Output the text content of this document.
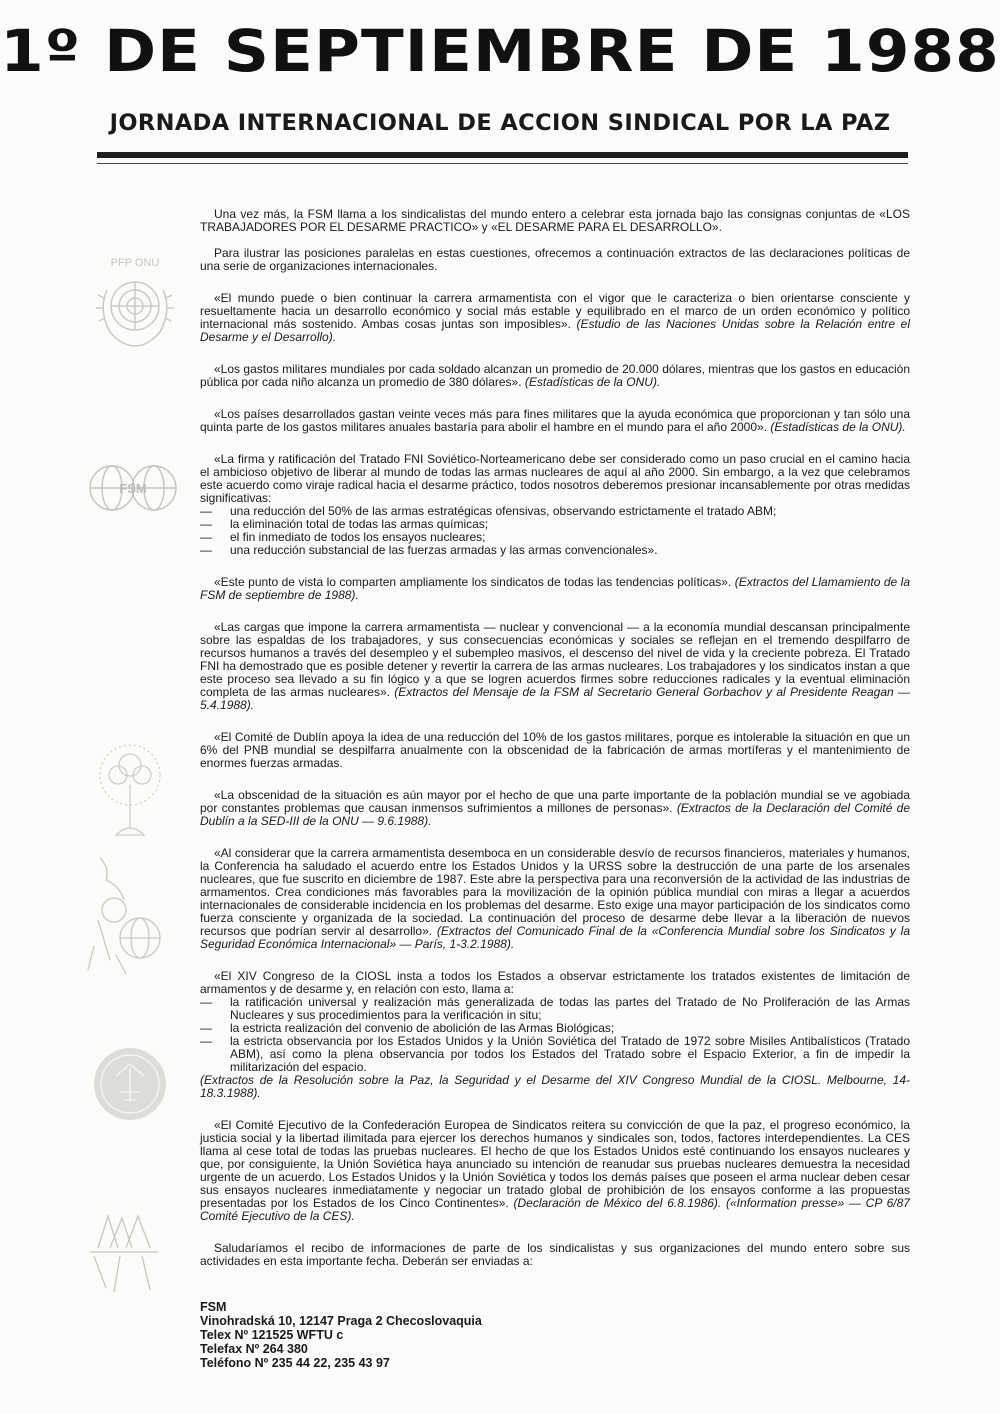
1º DE SEPTIEMBRE DE 1988
JORNADA INTERNACIONAL DE ACCION SINDICAL POR LA PAZ
PFP ONU
FSM

Una vez más, la FSM llama a los sindicalistas del mundo entero a celebrar esta jornada bajo las consignas conjuntas de «LOS TRABAJADORES POR EL DESARME PRACTICO» y «EL DESARME PARA EL DESARROLLO».

Para ilustrar las posiciones paralelas en estas cuestiones, ofrecemos a continuación extractos de las declaraciones políticas de una serie de organizaciones internacionales.

«El mundo puede o bien continuar la carrera armamentista con el vigor que le caracteriza o bien orientarse consciente y resueltamente hacia un desarrollo económico y social más estable y equilibrado en el marco de un orden económico y político internacional más sostenido. Ambas cosas juntas son imposibles». (Estudio de las Naciones Unidas sobre la Relación entre el Desarme y el Desarrollo).

«Los gastos militares mundiales por cada soldado alcanzan un promedio de 20.000 dólares, mientras que los gastos en educación pública por cada niño alcanza un promedio de 380 dólares». (Estadísticas de la ONU).

«Los países desarrollados gastan veinte veces más para fines militares que la ayuda económica que proporcionan y tan sólo una quinta parte de los gastos militares anuales bastaría para abolir el hambre en el mundo para el año 2000». (Estadísticas de la ONU).

«La firma y ratificación del Tratado FNI Soviético-Norteamericano debe ser considerado como un paso crucial en el camino hacia el ambicioso objetivo de liberar al mundo de todas las armas nucleares de aquí al año 2000. Sin embargo, a la vez que celebramos este acuerdo como viraje radical hacia el desarme práctico, todos nosotros deberemos presionar incansablemente por otras medidas significativas:

— una reducción del 50% de las armas estratégicas ofensivas, observando estrictamente el tratado ABM;
— la eliminación total de todas las armas químicas;
— el fin inmediato de todos los ensayos nucleares;
— una reducción substancial de las fuerzas armadas y las armas convencionales».

«Este punto de vista lo comparten ampliamente los sindicatos de todas las tendencias políticas». (Extractos del Llamamiento de la FSM de septiembre de 1988).

«Las cargas que impone la carrera armamentista — nuclear y convencional — a la economía mundial descansan principalmente sobre las espaldas de los trabajadores, y sus consecuencias económicas y sociales se reflejan en el tremendo despilfarro de recursos humanos a través del desempleo y el subempleo masivos, el descenso del nivel de vida y la creciente pobreza. El Tratado FNI ha demostrado que es posible detener y revertir la carrera de las armas nucleares. Los trabajadores y los sindicatos instan a que este proceso sea llevado a su fin lógico y a que se logren acuerdos firmes sobre reducciones radicales y la eventual eliminación completa de las armas nucleares». (Extractos del Mensaje de la FSM al Secretario General Gorbachov y al Presidente Reagan — 5.4.1988).

«El Comité de Dublín apoya la idea de una reducción del 10% de los gastos militares, porque es intolerable la situación en que un 6% del PNB mundial se despilfarra anualmente con la obscenidad de la fabricación de armas mortíferas y el mantenimiento de enormes fuerzas armadas.

«La obscenidad de la situación es aún mayor por el hecho de que una parte importante de la población mundial se ve agobiada por constantes problemas que causan inmensos sufrimientos a millones de personas». (Extractos de la Declaración del Comité de Dublín a la SED-III de la ONU — 9.6.1988).

«Al considerar que la carrera armamentista desemboca en un considerable desvío de recursos financieros, materiales y humanos, la Conferencia ha saludado el acuerdo entre los Estados Unidos y la URSS sobre la destrucción de una parte de los arsenales nucleares, que fue suscrito en diciembre de 1987. Este abre la perspectiva para una reconversión de la actividad de las industrias de armamentos. Crea condiciones más favorables para la movilización de la opinión pública mundial con miras a llegar a acuerdos internacionales de considerable incidencia en los problemas del desarme. Esto exige una mayor participación de los sindicatos como fuerza consciente y organizada de la sociedad. La continuación del proceso de desarme debe llevar a la liberación de nuevos recursos que podrían servir al desarrollo». (Extractos del Comunicado Final de la «Conferencia Mundial sobre los Sindicatos y la Seguridad Económica Internacional» — París, 1-3.2.1988).

«El XIV Congreso de la CIOSL insta a todos los Estados a observar estrictamente los tratados existentes de limitación de armamentos y de desarme y, en relación con esto, llama a:

— la ratificación universal y realización más generalizada de todas las partes del Tratado de No Proliferación de las Armas Nucleares y sus procedimientos para la verificación in situ;
— la estricta realización del convenio de abolición de las Armas Biológicas;
— la estricta observancia por los Estados Unidos y la Unión Soviética del Tratado de 1972 sobre Misiles Antibalísticos (Tratado ABM), así como la plena observancia por todos los Estados del Tratado sobre el Espacio Exterior, a fin de impedir la militarización del espacio.

(Extractos de la Resolución sobre la Paz, la Seguridad y el Desarme del XIV Congreso Mundial de la CIOSL. Melbourne, 14-18.3.1988).

«El Comité Ejecutivo de la Confederación Europea de Sindicatos reitera su convicción de que la paz, el progreso económico, la justicia social y la libertad ilimitada para ejercer los derechos humanos y sindicales son, todos, factores interdependientes. La CES llama al cese total de todas las pruebas nucleares. El hecho de que los Estados Unidos esté continuando los ensayos nucleares y que, por consiguiente, la Unión Soviética haya anunciado su intención de reanudar sus pruebas nucleares demuestra la necesidad urgente de un acuerdo. Los Estados Unidos y la Unión Soviética y todos los demás países que poseen el arma nuclear deben cesar sus ensayos nucleares inmediatamente y negociar un tratado global de prohibición de los ensayos conforme a las propuestas presentadas por los Estados de los Cinco Continentes». (Declaración de México del 6.8.1986). («Information presse» — CP 6/87 Comité Ejecutivo de la CES).

Saludaríamos el recibo de informaciones de parte de los sindicalistas y sus organizaciones del mundo entero sobre sus actividades en esta importante fecha. Deberán ser enviadas a:

FSM
Vinohradská 10, 12147 Praga 2 Checoslovaquia
Telex Nº 121525 WFTU c
Telefax Nº 264 380
Teléfono Nº 235 44 22, 235 43 97
